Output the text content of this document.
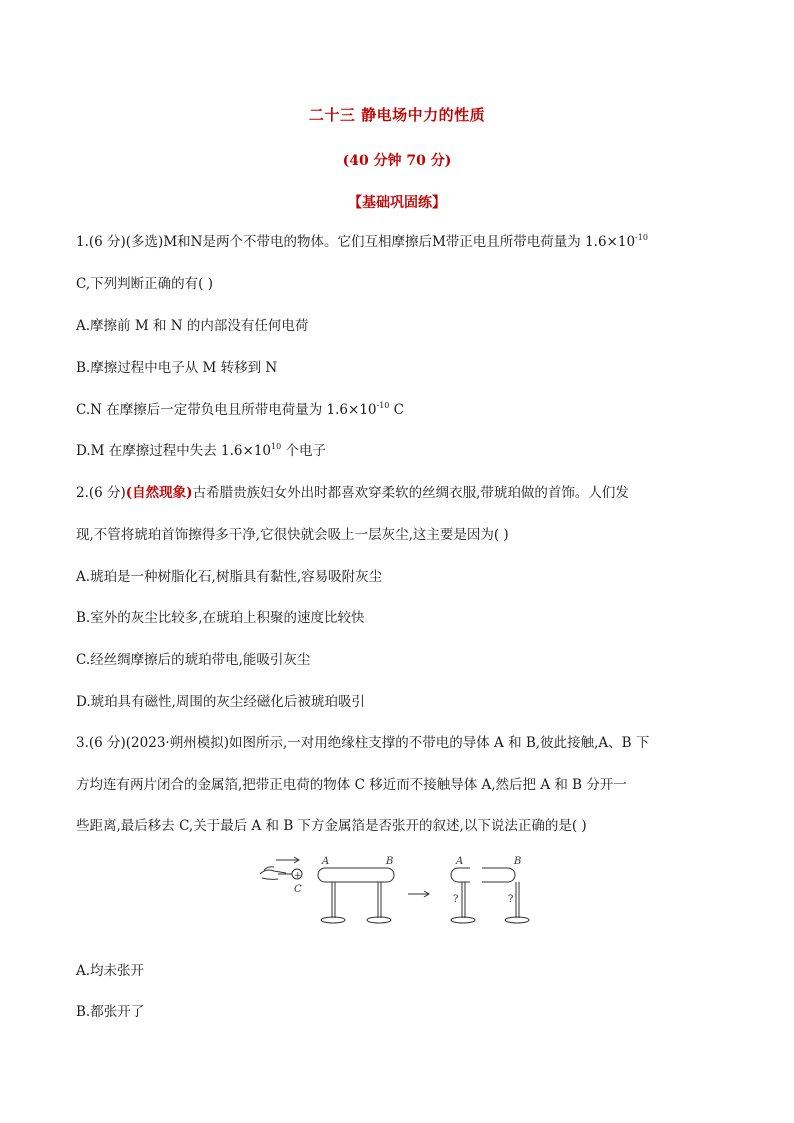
二十三 静电场中力的性质
(40 分钟 70 分)
【基础巩固练】
1.(6 分)(多选)M和N是两个不带电的物体。它们互相摩擦后M带正电且所带电荷量为 $1.6\times 10^{-10}$
C,下列判断正确的有( )
A.摩擦前 M 和 N 的内部没有任何电荷
B.摩擦过程中电子从 M 转移到 N
C.N 在摩擦后一定带负电且所带电荷量为 $1.6\times 10^{-10}$ C
D.M 在摩擦过程中失去 $1.6\times 10^{10}$ 个电子
2.(6 分)(自然现象)古希腊贵族妇女外出时都喜欢穿柔软的丝绸衣服,带琥珀做的首饰。人们发
现,不管将琥珀首饰擦得多干净,它很快就会吸上一层灰尘,这主要是因为( )
A.琥珀是一种树脂化石,树脂具有黏性,容易吸附灰尘
B.室外的灰尘比较多,在琥珀上积聚的速度比较快
C.经丝绸摩擦后的琥珀带电,能吸引灰尘
D.琥珀具有磁性,周围的灰尘经磁化后被琥珀吸引
3.(6 分)(2023·朔州模拟)如图所示,一对用绝缘柱支撑的不带电的导体 A 和 B,彼此接触,A、B 下
方均连有两片闭合的金属箔,把带正电荷的物体 C 移近而不接触导体 A,然后把 A 和 B 分开一
些距离,最后移去 C,关于最后 A 和 B 下方金属箔是否张开的叙述,以下说法正确的是( )
+
C
A	B	A	B
?	?
A.均未张开
B.都张开了
